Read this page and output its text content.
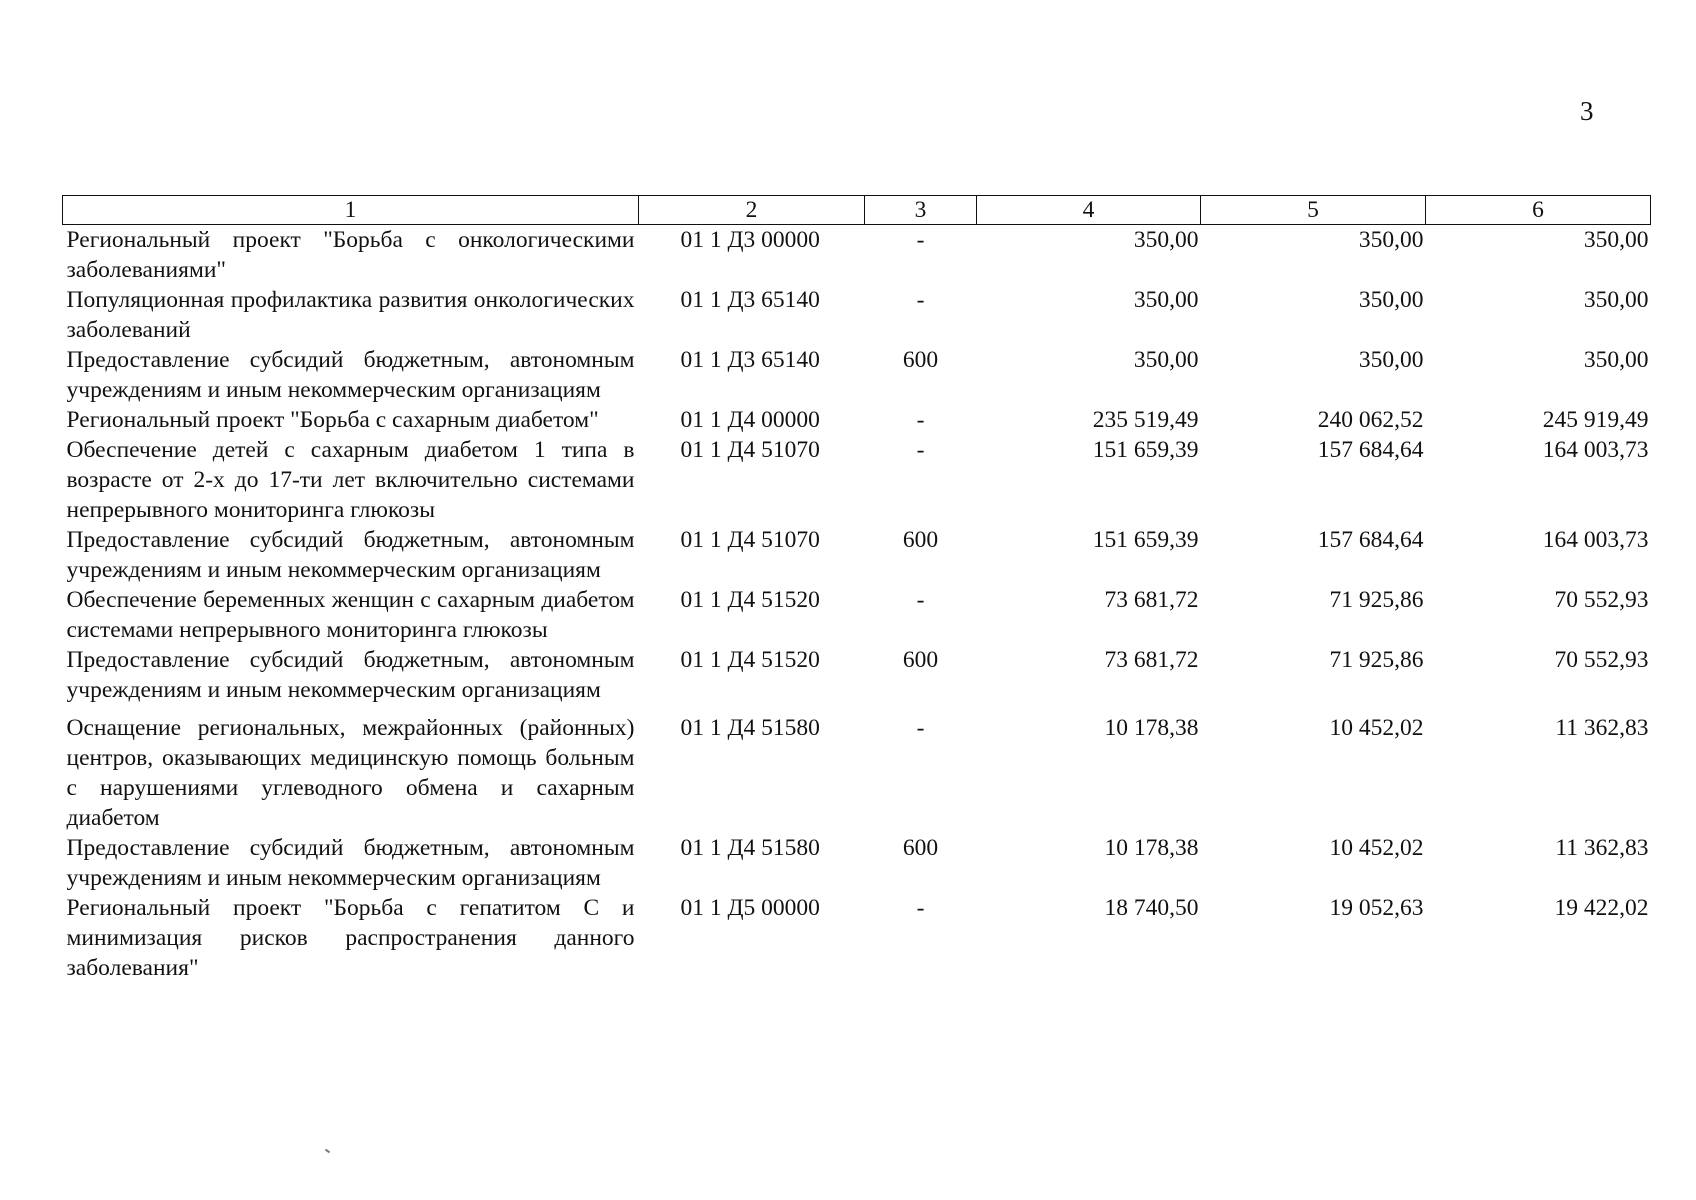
3
1	2	3	4	5	6
Региональный проект "Борьба с онкологическими заболеваниями"	01 1 Д3 00000	-	350,00	350,00	350,00
Популяционная профилактика развития онкологических заболеваний	01 1 Д3 65140	-	350,00	350,00	350,00
Предоставление субсидий бюджетным, автономным учреждениям и иным некоммерческим организациям	01 1 Д3 65140	600	350,00	350,00	350,00
Региональный проект "Борьба с сахарным диабетом"	01 1 Д4 00000	-	235 519,49	240 062,52	245 919,49
Обеспечение детей с сахарным диабетом 1 типа в возрасте от 2-х до 17-ти лет включительно системами непрерывного мониторинга глюкозы	01 1 Д4 51070	-	151 659,39	157 684,64	164 003,73
Предоставление субсидий бюджетным, автономным учреждениям и иным некоммерческим организациям	01 1 Д4 51070	600	151 659,39	157 684,64	164 003,73
Обеспечение беременных женщин с сахарным диабетом системами непрерывного мониторинга глюкозы	01 1 Д4 51520	-	73 681,72	71 925,86	70 552,93
Предоставление субсидий бюджетным, автономным учреждениям и иным некоммерческим организациям	01 1 Д4 51520	600	73 681,72	71 925,86	70 552,93
Оснащение региональных, межрайонных (районных) центров, оказывающих медицинскую помощь больным с нарушениями углеводного обмена и сахарным диабетом	01 1 Д4 51580	-	10 178,38	10 452,02	11 362,83
Предоставление субсидий бюджетным, автономным учреждениям и иным некоммерческим организациям	01 1 Д4 51580	600	10 178,38	10 452,02	11 362,83
Региональный проект "Борьба с гепатитом С и минимизация рисков распространения данного заболевания"	01 1 Д5 00000	-	18 740,50	19 052,63	19 422,02
